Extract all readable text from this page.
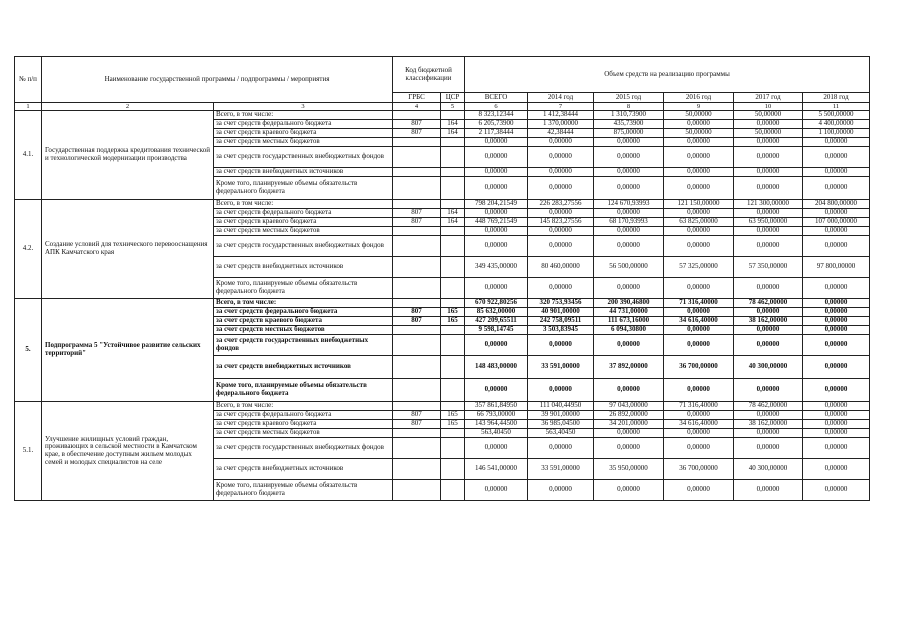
№ п/п	Наименование государственной программы / подпрограммы / мероприятия		Код бюджетной классификации		Объем средств на реализацию программы					
			ГРБС	ЦСР	ВСЕГО	2014 год	2015 год	2016 год	2017 год	2018 год
1	2	3	4	5	6	7	8	9	10	11
4.1.	Государственная поддержка кредитования технической и технологической модернизации производства	Всего, в том числе:			8 323,12344	1 412,38444	1 310,73900	50,00000	50,00000	5 500,00000
		за счет средств федерального бюджета	807	164	6 205,73900	1 370,00000	435,73900	0,00000	0,00000	4 400,00000
		за счет средств краевого бюджета	807	164	2 117,38444	42,38444	875,00000	50,00000	50,00000	1 100,00000
		за счет средств местных бюджетов			0,00000	0,00000	0,00000	0,00000	0,00000	0,00000
		за счет средств государственных внебюджетных фондов			0,00000	0,00000	0,00000	0,00000	0,00000	0,00000
		за счет средств внебюджетных источников			0,00000	0,00000	0,00000	0,00000	0,00000	0,00000
		Кроме того, планируемые объемы обязательств федерального бюджета			0,00000	0,00000	0,00000	0,00000	0,00000	0,00000
4.2.	Создание условий для технического перевооснащения АПК Камчатского края	Всего, в том числе:			798 204,21549	226 283,27556	124 670,93993	121 150,00000	121 300,00000	204 800,00000
		за счет средств федерального бюджета	807	164	0,00000	0,00000	0,00000	0,00000	0,00000	0,00000
		за счет средств краевого бюджета	807	164	448 769,21549	145 823,27556	68 170,93993	63 825,00000	63 950,00000	107 000,00000
		за счет средств местных бюджетов			0,00000	0,00000	0,00000	0,00000	0,00000	0,00000
		за счет средств государственных внебюджетных фондов			0,00000	0,00000	0,00000	0,00000	0,00000	0,00000
		за счет средств внебюджетных источников			349 435,00000	80 460,00000	56 500,00000	57 325,00000	57 350,00000	97 800,00000
		Кроме того, планируемые объемы обязательств федерального бюджета			0,00000	0,00000	0,00000	0,00000	0,00000	0,00000
5.	Подпрограмма 5 "Устойчивое развитие сельских территорий"	Всего, в том числе:			670 922,80256	320 753,93456	200 390,46800	71 316,40000	78 462,00000	0,00000
		за счет средств федерального бюджета	807	165	85 632,00000	40 901,00000	44 731,00000	0,00000	0,00000	0,00000
		за счет средств краевого бюджета	807	165	427 209,65511	242 758,09511	111 673,16000	34 616,40000	38 162,00000	0,00000
		за счет средств местных бюджетов			9 598,14745	3 503,83945	6 094,30800	0,00000	0,00000	0,00000
		за счет средств государственных внебюджетных фондов			0,00000	0,00000	0,00000	0,00000	0,00000	0,00000
		за счет средств внебюджетных источников			148 483,00000	33 591,00000	37 892,00000	36 700,00000	40 300,00000	0,00000
		Кроме того, планируемые объемы обязательств федерального бюджета			0,00000	0,00000	0,00000	0,00000	0,00000	0,00000
5.1.	Улучшение жилищных условий граждан, проживающих в сельской местности в Камчатском крае, в обеспечение доступным жильем молодых семей и молодых специалистов на селе	Всего, в том числе:			357 861,84950	111 040,44950	97 043,00000	71 316,40000	78 462,00000	0,00000
		за счет средств федерального бюджета	807	165	66 793,00000	39 901,00000	26 892,00000	0,00000	0,00000	0,00000
		за счет средств краевого бюджета	807	165	143 964,44500	36 985,04500	34 201,00000	34 616,40000	38 162,00000	0,00000
		за счет средств местных бюджетов			563,40450	563,40450	0,00000	0,00000	0,00000	0,00000
		за счет средств государственных внебюджетных фондов			0,00000	0,00000	0,00000	0,00000	0,00000	0,00000
		за счет средств внебюджетных источников			146 541,00000	33 591,00000	35 950,00000	36 700,00000	40 300,00000	0,00000
		Кроме того, планируемые объемы обязательств федерального бюджета			0,00000	0,00000	0,00000	0,00000	0,00000	0,00000
